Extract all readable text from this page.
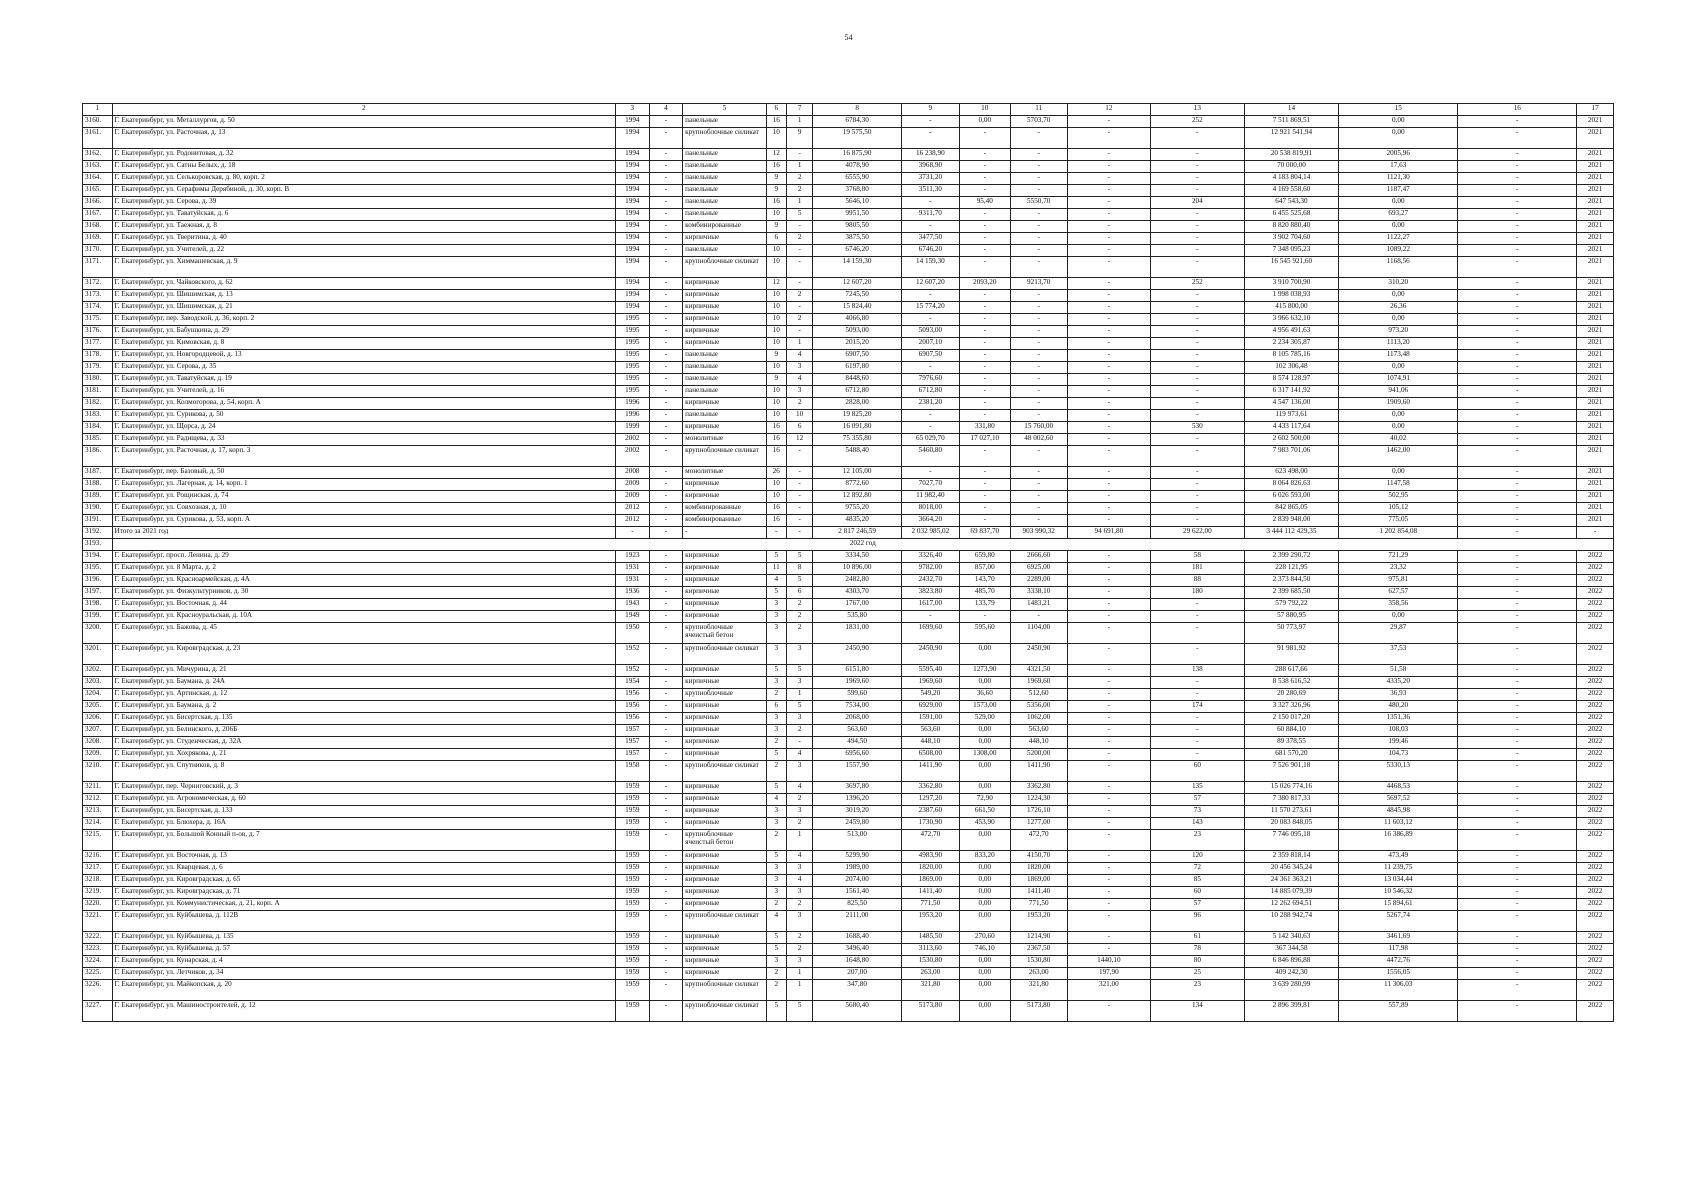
54
1	2	3	4	5	6	7	8	9	10	11	12	13	14	15	16	17
3160.	Г. Екатеринбург, ул. Металлургов, д. 50	1994	-	панельные	16	1	6784,30	-	0,00	5703,70	-	252	7 511 869,51	0,00	-	2021
3161.	Г. Екатеринбург, ул. Расточная, д. 13	1994	-	крупноблочные силикат	10	9	19 575,50	-	-	-	-	-	12 921 541,94	0,00	-	2021
3162.	Г. Екатеринбург, ул. Родонитовая, д. 32	1994	-	панельные	12	-	16 875,90	16 238,90	-	-	-	-	20 538 819,91	2005,96	-	2021
3163.	Г. Екатеринбург, ул. Сатны Белых, д. 18	1994	-	панельные	16	1	4078,90	3968,90	-	-	-	-	70 000,00	17,63	-	2021
3164.	Г. Екатеринбург, ул. Селькоровская, д. 80, корп. 2	1994	-	панельные	9	2	6555,90	3731,20	-	-	-	-	4 183 804,14	1121,30	-	2021
3165.	Г. Екатеринбург, ул. Серафимы Дерябиной, д. 30, корп. В	1994	-	панельные	9	2	3768,80	3511,30	-	-	-	-	4 169 558,60	1187,47	-	2021
3166.	Г. Екатеринбург, ул. Серова, д. 39	1994	-	панельные	16	1	5646,10	-	95,40	5550,70	-	204	647 543,30	0,00	-	2021
3167.	Г. Екатеринбург, ул. Таватуйская, д. 6	1994	-	панельные	10	5	9951,50	9311,70	-	-	-	-	6 455 525,68	693,27	-	2021
3168.	Г. Екатеринбург, ул. Таежная, д. 8	1994	-	комбинированные	9	-	9805,50	-	-	-	-	-	8 820 880,40	0,00	-	2021
3169.	Г. Екатеринбург, ул. Тверитина, д. 40	1994	-	кирпичные	6	2	3875,50	3477,50	-	-	-	-	3 902 704,60	1122,27	-	2021
3170.	Г. Екатеринбург, ул. Учителей, д. 22	1994	-	панельные	10	-	6746,20	6746,20	-	-	-	-	7 348 095,23	1089,22	-	2021
3171.	Г. Екатеринбург, ул. Химмашевская, д. 9	1994	-	крупноблочные силикат	10	-	14 159,30	14 159,30	-	-	-	-	16 545 921,60	1168,56	-	2021
3172.	Г. Екатеринбург, ул. Чайковского, д. 62	1994	-	кирпичные	12	-	12 607,20	12 607,20	2093,20	9213,70	-	252	3 910 700,90	310,20	-	2021
3173.	Г. Екатеринбург, ул. Шишимская, д. 13	1994	-	кирпичные	10	2	7245,50	-	-	-	-	-	1 998 038,93	0,00	-	2021
3174.	Г. Екатеринбург, ул. Шишимская, д. 21	1994	-	кирпичные	10	-	15 824,40	15 774,20	-	-	-	-	415 800,00	26,36	-	2021
3175.	Г. Екатеринбург, пер. Заводской, д. 36, корп. 2	1995	-	кирпичные	10	2	4066,80	-	-	-	-	-	3 966 632,10	0,00	-	2021
3176.	Г. Екатеринбург, ул. Бабушкина, д. 29	1995	-	кирпичные	10	-	5093,00	5093,00	-	-	-	-	4 956 491,63	973,20	-	2021
3177.	Г. Екатеринбург, ул. Кимовская, д. 8	1995	-	кирпичные	10	1	2015,20	2007,10	-	-	-	-	2 234 305,87	1113,20	-	2021
3178.	Г. Екатеринбург, ул. Новгородцевой, д. 13	1995	-	панельные	9	4	6907,50	6907,50	-	-	-	-	8 105 785,16	1173,48	-	2021
3179.	Г. Екатеринбург, ул. Серова, д. 35	1995	-	панельные	10	3	6197,80	-	-	-	-	-	102 306,48	0,00	-	2021
3180.	Г. Екатеринбург, ул. Таватуйская, д. 19	1995	-	панельные	9	4	8448,60	7976,60	-	-	-	-	8 574 128,97	1074,91	-	2021
3181.	Г. Екатеринбург, ул. Учителей, д. 16	1995	-	панельные	10	3	6712,80	6712,80	-	-	-	-	6 317 141,92	941,06	-	2021
3182.	Г. Екатеринбург, ул. Колмогорова, д. 54, корп. А	1996	-	кирпичные	10	2	2828,00	2381,20	-	-	-	-	4 547 136,00	1909,60	-	2021
3183.	Г. Екатеринбург, ул. Сурикова, д. 50	1996	-	панельные	10	10	19 825,20	-	-	-	-	-	119 973,61	0,00	-	2021
3184.	Г. Екатеринбург, ул. Щорса, д. 24	1999	-	кирпичные	16	6	16 091,80	-	331,80	15 760,00	-	530	4 433 117,64	0,00	-	2021
3185.	Г. Екатеринбург, ул. Радищева, д. 33	2002	-	монолитные	16	12	75 355,80	65 029,70	17 027,10	48 002,60	-	-	2 602 500,00	40,02	-	2021
3186.	Г. Екатеринбург, ул. Расточная, д. 17, корп. 3	2002	-	крупноблочные силикат	16	-	5488,40	5460,80	-	-	-	-	7 983 701,06	1462,00	-	2021
3187.	Г. Екатеринбург, пер. Базовый, д. 50	2008	-	монолитные	26	-	12 105,00	-	-	-	-	-	623 498,00	0,00	-	2021
3188.	Г. Екатеринбург, ул. Лагерная, д. 14, корп. 1	2009	-	кирпичные	10	-	8772,60	7027,70	-	-	-	-	8 064 826,63	1147,58	-	2021
3189.	Г. Екатеринбург, ул. Рощинская, д. 74	2009	-	кирпичные	10	-	12 892,80	11 982,40	-	-	-	-	6 026 593,00	502,95	-	2021
3190.	Г. Екатеринбург, ул. Совхозная, д. 10	2012	-	комбинированные	16	-	9755,20	8018,00	-	-	-	-	842 865,05	105,12	-	2021
3191.	Г. Екатеринбург, ул. Сурикова, д. 53, корп. А	2012	-	комбинированные	16	-	4835,20	3664,20	-	-	-	-	2 839 948,00	775,05	-	2021
3192.	Итого за 2021 год	-	-	-	-	-	2 817 246,59	2 032 985,02	69 837,70	903 990,32	94 691,80	29 622,00	3 444 112 429,35	1 202 854,08	-	-
3193.	2022 год															
3194.	Г. Екатеринбург, просп. Ленина, д. 29	1923	-	кирпичные	5	5	3334,50	3326,40	659,80	2666,60	-	58	2 399 290,72	721,29	-	2022
3195.	Г. Екатеринбург, ул. 8 Марта, д. 2	1931	-	кирпичные	11	8	10 896,00	9782,00	857,00	6925,00	-	181	228 121,95	23,32	-	2022
3196.	Г. Екатеринбург, ул. Красноармейская, д. 4А	1931	-	кирпичные	4	5	2482,80	2432,70	143,70	2289,00	-	88	2 373 844,50	975,81	-	2022
3197.	Г. Екатеринбург, ул. Физкультурников, д. 30	1936	-	кирпичные	5	6	4303,70	3823,80	485,70	3338,10	-	180	2 399 685,50	627,57	-	2022
3198.	Г. Екатеринбург, ул. Восточная, д. 44	1943	-	кирпичные	3	2	1767,00	1617,00	133,79	1483,21	-	-	579 792,22	358,56	-	2022
3199.	Г. Екатеринбург, ул. Красноуральская, д. 10А	1949	-	кирпичные	3	2	535,80	-	-	-	-	-	57 880,95	0,00	-	2022
3200.	Г. Екатеринбург, ул. Бажова, д. 45	1950	-	крупноблочные ячеистый бетон	3	2	1831,00	1699,60	595,60	1104,00	-	-	50 773,97	29,87	-	2022
3201.	Г. Екатеринбург, ул. Кировградская, д. 23	1952	-	крупноблочные силикат	3	3	2450,90	2450,90	0,00	2450,90	-	-	91 981,92	37,53	-	2022
3202.	Г. Екатеринбург, ул. Мичурина, д. 21	1952	-	кирпичные	5	5	6151,80	5595,40	1273,90	4321,50	-	138	288 617,66	51,58	-	2022
3203.	Г. Екатеринбург, ул. Баумана, д. 24А	1954	-	кирпичные	3	3	1969,60	1969,60	0,00	1969,60	-	-	8 538 616,52	4335,20	-	2022
3204.	Г. Екатеринбург, ул. Артинская, д. 12	1956	-	крупноблочные	2	1	599,60	549,20	36,60	512,60	-	-	20 280,69	36,93	-	2022
3205.	Г. Екатеринбург, ул. Баумана, д. 2	1956	-	кирпичные	6	5	7534,00	6929,00	1573,00	5356,00	-	174	3 327 326,96	480,20	-	2022
3206.	Г. Екатеринбург, ул. Бисертская, д. 135	1956	-	кирпичные	3	3	2068,00	1591,00	529,00	1062,00	-	-	2 150 017,20	1351,36	-	2022
3207.	Г. Екатеринбург, ул. Белинского, д. 206Б	1957	-	кирпичные	3	2	563,60	563,60	0,00	563,60	-	-	60 884,10	108,03	-	2022
3208.	Г. Екатеринбург, ул. Студенческая, д. 32А	1957	-	кирпичные	2	-	494,50	448,10	0,00	448,10	-	-	89 378,55	199,46	-	2022
3209.	Г. Екатеринбург, ул. Хохрякова, д. 21	1957	-	кирпичные	5	4	6956,60	6508,00	1308,00	5200,00	-	-	681 570,20	104,73	-	2022
3210.	Г. Екатеринбург, ул. Спутников, д. 8	1958	-	крупноблочные силикат	2	3	1557,90	1411,90	0,00	1411,90	-	60	7 526 901,18	5330,13	-	2022
3211.	Г. Екатеринбург, пер. Черниговский, д. 3	1959	-	кирпичные	5	4	3697,80	3362,80	0,00	3362,80	-	135	15 026 774,16	4468,53	-	2022
3212.	Г. Екатеринбург, ул. Агрономическая, д. 60	1959	-	кирпичные	4	2	1396,20	1297,20	72,90	1224,30	-	57	7 380 817,33	5697,52	-	2022
3213.	Г. Екатеринбург, ул. Бисертская, д. 133	1959	-	кирпичные	3	3	3019,20	2387,60	661,50	1726,10	-	73	11 570 273,61	4845,98	-	2022
3214.	Г. Екатеринбург, ул. Блюхера, д. 16А	1959	-	кирпичные	3	2	2459,80	1730,90	453,90	1277,00	-	143	20 083 848,05	11 603,12	-	2022
3215.	Г. Екатеринбург, ул. Большой Конный п-ов, д. 7	1959	-	крупноблочные ячеистый бетон	2	1	513,00	472,70	0,00	472,70	-	23	7 746 095,18	16 386,89	-	2022
3216.	Г. Екатеринбург, ул. Восточная, д. 13	1959	-	кирпичные	5	4	5299,90	4983,90	833,20	4150,70	-	120	2 359 818,14	473,49	-	2022
3217.	Г. Екатеринбург, ул. Кварцевая, д. 6	1959	-	кирпичные	3	3	1989,00	1820,00	0,00	1820,00	-	72	20 456 345,24	11 239,75	-	2022
3218.	Г. Екатеринбург, ул. Кировградская, д. 65	1959	-	кирпичные	3	4	2074,00	1869,00	0,00	1869,00	-	85	24 361 363,21	13 034,44	-	2022
3219.	Г. Екатеринбург, ул. Кировградская, д. 71	1959	-	кирпичные	3	3	1561,40	1411,40	0,00	1411,40	-	60	14 885 079,39	10 546,32	-	2022
3220.	Г. Екатеринбург, ул. Коммунистическая, д. 21, корп. А	1959	-	кирпичные	2	2	825,50	771,50	0,00	771,50	-	57	12 262 694,51	15 894,61	-	2022
3221.	Г. Екатеринбург, ул. Куйбышева, д. 112В	1959	-	крупноблочные силикат	4	3	2111,00	1953,20	0,00	1953,20	-	96	10 288 942,74	5267,74	-	2022
3222.	Г. Екатеринбург, ул. Куйбышева, д. 135	1959	-	кирпичные	5	2	1688,40	1485,50	270,60	1214,90	-	61	5 142 340,63	3461,69	-	2022
3223.	Г. Екатеринбург, ул. Куйбышева, д. 57	1959	-	кирпичные	5	2	3496,40	3113,60	746,10	2367,50	-	78	367 344,58	117,98	-	2022
3224.	Г. Екатеринбург, ул. Кунарская, д. 4	1959	-	кирпичные	3	3	1648,80	1530,80	0,00	1530,80	1440,10	80	6 846 896,88	4472,76	-	2022
3225.	Г. Екатеринбург, ул. Летчиков, д. 34	1959	-	кирпичные	2	1	207,00	263,00	0,00	263,00	197,90	25	409 242,30	1556,05	-	2022
3226.	Г. Екатеринбург, ул. Майкопская, д. 20	1959	-	крупноблочные силикат	2	1	347,80	321,80	0,00	321,80	321,00	23	3 639 280,99	11 306,03	-	2022
3227.	Г. Екатеринбург, ул. Машиностроителей, д. 12	1959	-	крупноблочные силикат	5	5	5680,40	5173,80	0,00	5173,80	-	134	2 896 399,81	557,89	-	2022
